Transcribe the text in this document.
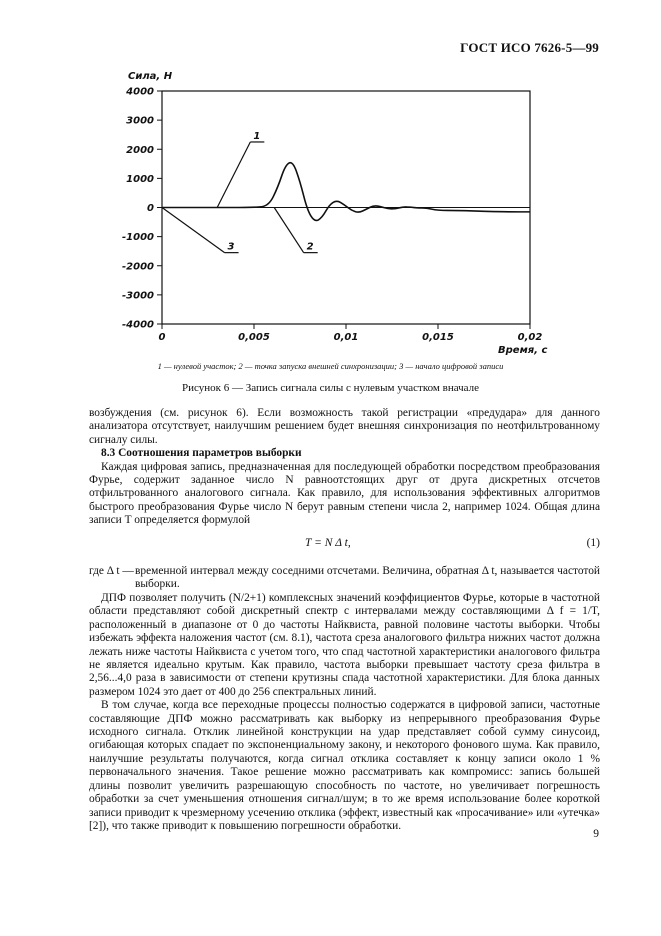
ГОСТ ИСО 7626-5—99
4000
3000
2000
1000
0
-1000
-2000
-3000
-4000
0	0,005	0,01	0,015	0,02
1
2
3
Сила, Н
Время, с
1 — нулевой участок; 2 — точка запуска внешней синхронизации; 3 — начало цифровой записи
Рисунок 6 — Запись сигнала силы с нулевым участком вначале

возбуждения (см. рисунок 6). Если возможность такой регистрации «предудара» для данного анализатора отсутствует, наилучшим решением будет внешняя синхронизация по неотфильтрованному сигналу силы.

8.3 Соотношения параметров выборки

Каждая цифровая запись, предназначенная для последующей обработки посредством преобразования Фурье, содержит заданное число N равноотстоящих друг от друга дискретных отсчетов отфильтрованного аналогового сигнала. Как правило, для использования эффективных алгоритмов быстрого преобразования Фурье число N берут равным степени числа 2, например 1024. Общая длина записи T определяется формулой

T = N Δ t,	(1)
где Δ t — временной интервал между соседними отсчетами. Величина, обратная Δ t, называется частотой выборки.

ДПФ позволяет получить (N/2+1) комплексных значений коэффициентов Фурье, которые в частотной области представляют собой дискретный спектр с интервалами между составляющими Δ f = 1/T, расположенный в диапазоне от 0 до частоты Найквиста, равной половине частоты выборки. Чтобы избежать эффекта наложения частот (см. 8.1), частота среза аналогового фильтра нижних частот должна лежать ниже частоты Найквиста с учетом того, что спад частотной характеристики аналогового фильтра не является идеально крутым. Как правило, частота выборки превышает частоту среза фильтра в 2,56...4,0 раза в зависимости от степени крутизны спада частотной характеристики. Для блока данных размером 1024 это дает от 400 до 256 спектральных линий.

В том случае, когда все переходные процессы полностью содержатся в цифровой записи, частотные составляющие ДПФ можно рассматривать как выборку из непрерывного преобразования Фурье исходного сигнала. Отклик линейной конструкции на удар представляет собой сумму синусоид, огибающая которых спадает по экспоненциальному закону, и некоторого фонового шума. Как правило, наилучшие результаты получаются, когда сигнал отклика составляет к концу записи около 1 % первоначального значения. Такое решение можно рассматривать как компромисс: запись большей длины позволит увеличить разрешающую способность по частоте, но увеличивает погрешность обработки за счет уменьшения отношения сигнал/шум; в то же время использование более короткой записи приводит к чрезмерному усечению отклика (эффект, известный как «просачивание» или «утечка» [2]), что также приводит к повышению погрешности обработки.

9
